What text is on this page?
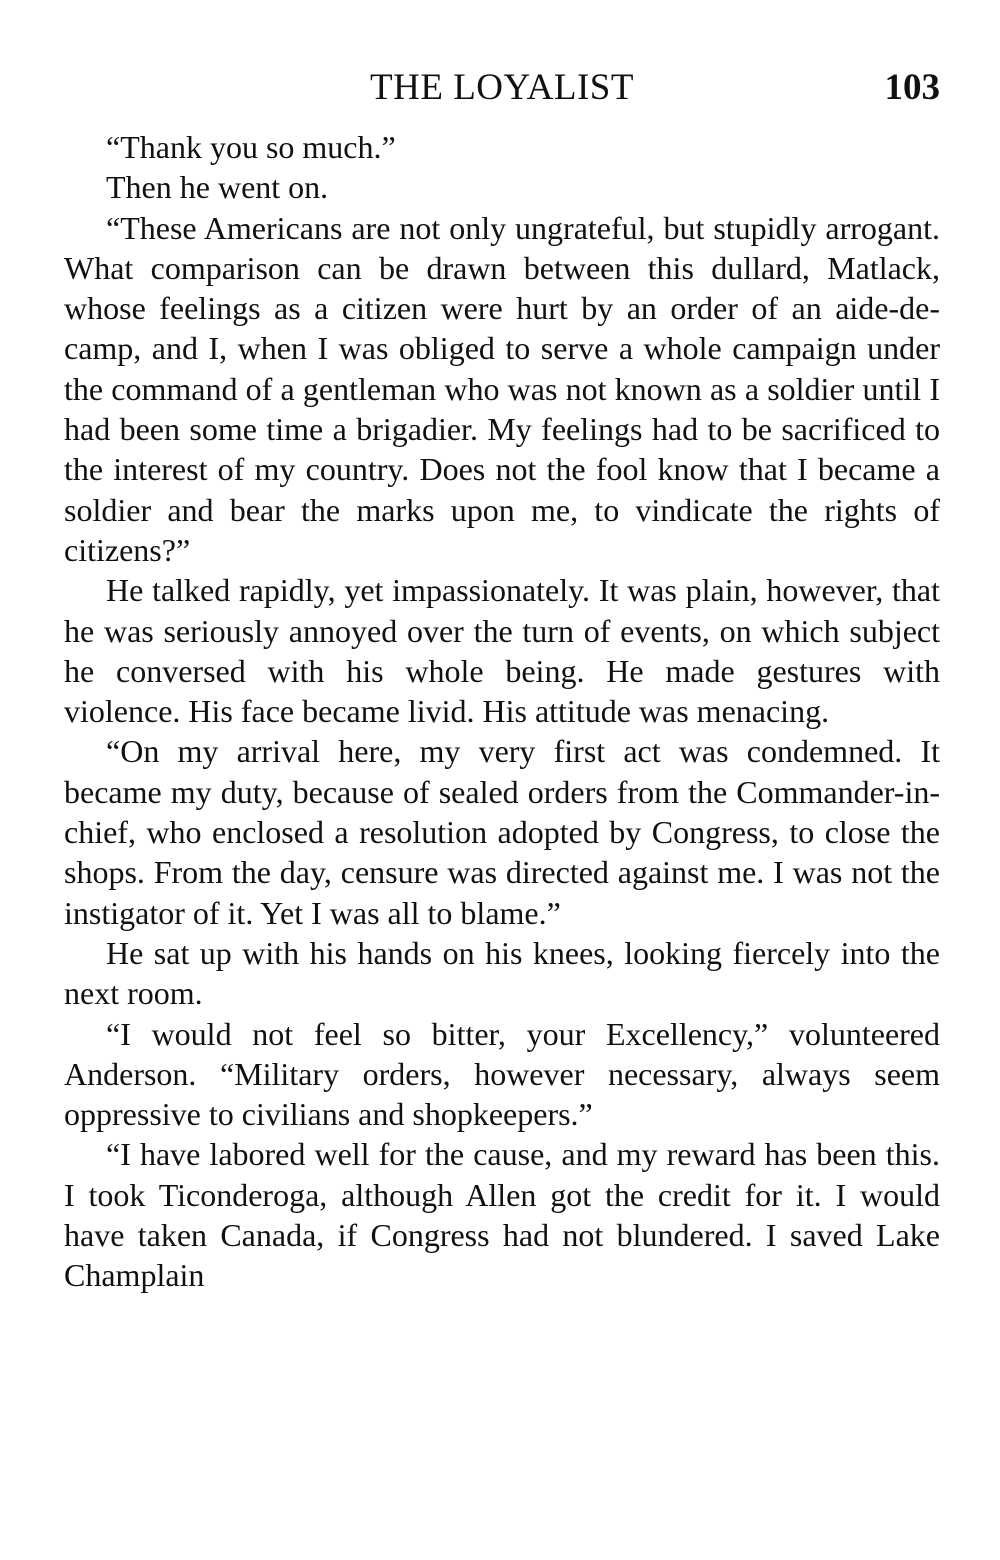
THE LOYALIST	103

“Thank you so much.”

Then he went on.

“These Americans are not only ungrateful, but stupidly arrogant. What comparison can be drawn between this dullard, Matlack, whose feelings as a citizen were hurt by an order of an aide-de-camp, and I, when I was obliged to serve a whole campaign under the command of a gentleman who was not known as a soldier until I had been some time a brigadier. My feelings had to be sacrificed to the interest of my country. Does not the fool know that I became a soldier and bear the marks upon me, to vindicate the rights of citizens?”

He talked rapidly, yet impassionately. It was plain, however, that he was seriously annoyed over the turn of events, on which subject he conversed with his whole being. He made gestures with violence. His face became livid. His attitude was menacing.

“On my arrival here, my very first act was condemned. It became my duty, because of sealed orders from the Commander-in-chief, who enclosed a resolution adopted by Congress, to close the shops. From the day, censure was directed against me. I was not the instigator of it. Yet I was all to blame.”

He sat up with his hands on his knees, looking fiercely into the next room.

“I would not feel so bitter, your Excellency,” volunteered Anderson. “Military orders, however necessary, always seem oppressive to civilians and shopkeepers.”

“I have labored well for the cause, and my reward has been this. I took Ticonderoga, although Allen got the credit for it. I would have taken Canada, if Congress had not blundered. I saved Lake Champlain
